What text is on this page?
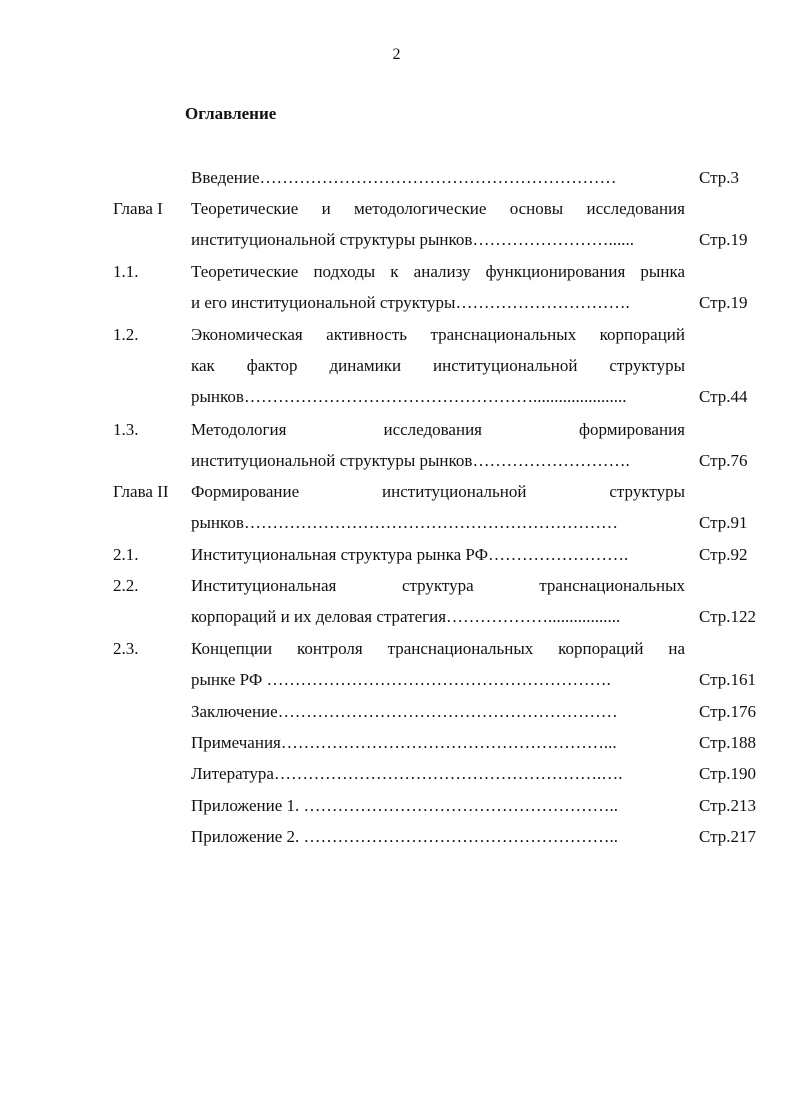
2
Оглавление
Введение………………………………………………………	Стр.3
Глава I Теоретические и методологические основы исследования
институциональной структуры рынков……………………......	Стр.19
1.1.	Теоретические подходы к анализу функционирования рынка
и его институциональной структуры………………………….	Стр.19
1.2.	Экономическая активность транснациональных корпораций
как фактор динамики институциональной структуры
рынков……………………………………………......................	Стр.44
1.3.	Методология исследования формирования
институциональной структуры рынков……………………….	Стр.76
Глава II Формирование институциональной структуры
рынков…………………………………………………………	Стр.91
2.1.	Институциональная структура рынка РФ…………………….	Стр.92
2.2.	Институциональная структура транснациональных
корпораций и их деловая стратегия……………….................	Стр.122
2.3.	Концепции контроля транснациональных корпораций на
рынке РФ …………………………………………………….	Стр.161
Заключение……………………………………………………	Стр.176
Примечания…………………………………………………...	Стр.188
Литература………………………………………………….….	Стр.190
Приложение 1. ………………………………………………..	Стр.213
Приложение 2. ………………………………………………..	Стр.217
